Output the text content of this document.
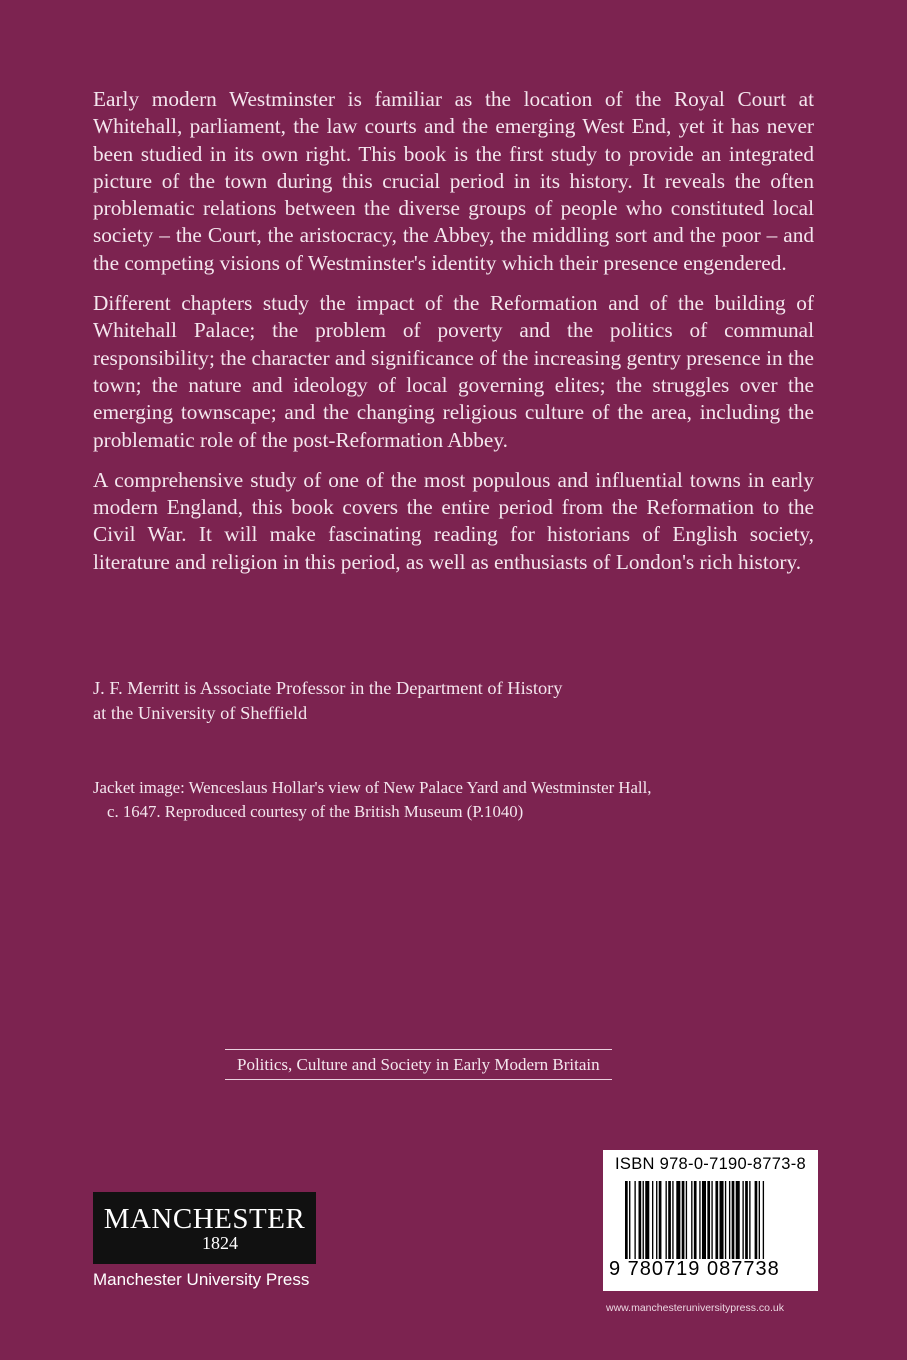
Early modern Westminster is familiar as the location of the Royal Court at Whitehall, parliament, the law courts and the emerging West End, yet it has never been studied in its own right. This book is the first study to provide an integrated picture of the town during this crucial period in its history. It reveals the often problematic relations between the diverse groups of people who constituted local society – the Court, the aristocracy, the Abbey, the middling sort and the poor – and the competing visions of Westminster's identity which their presence engendered.

Different chapters study the impact of the Reformation and of the building of Whitehall Palace; the problem of poverty and the politics of communal responsibility; the character and significance of the increasing gentry presence in the town; the nature and ideology of local governing elites; the struggles over the emerging townscape; and the changing religious culture of the area, including the problematic role of the post-Reformation Abbey.

A comprehensive study of one of the most populous and influential towns in early modern England, this book covers the entire period from the Reformation to the Civil War. It will make fascinating reading for historians of English society, literature and religion in this period, as well as enthusiasts of London's rich history.

J. F. Merritt is Associate Professor in the Department of History
at the University of Sheffield
Jacket image: Wenceslaus Hollar's view of New Palace Yard and Westminster Hall,
c. 1647. Reproduced courtesy of the British Museum (P.1040)
Politics, Culture and Society in Early Modern Britain
MANCHESTER
1824
Manchester University Press
ISBN 978-0-7190-8773-8
9 780719 087738
www.manchesteruniversitypress.co.uk
